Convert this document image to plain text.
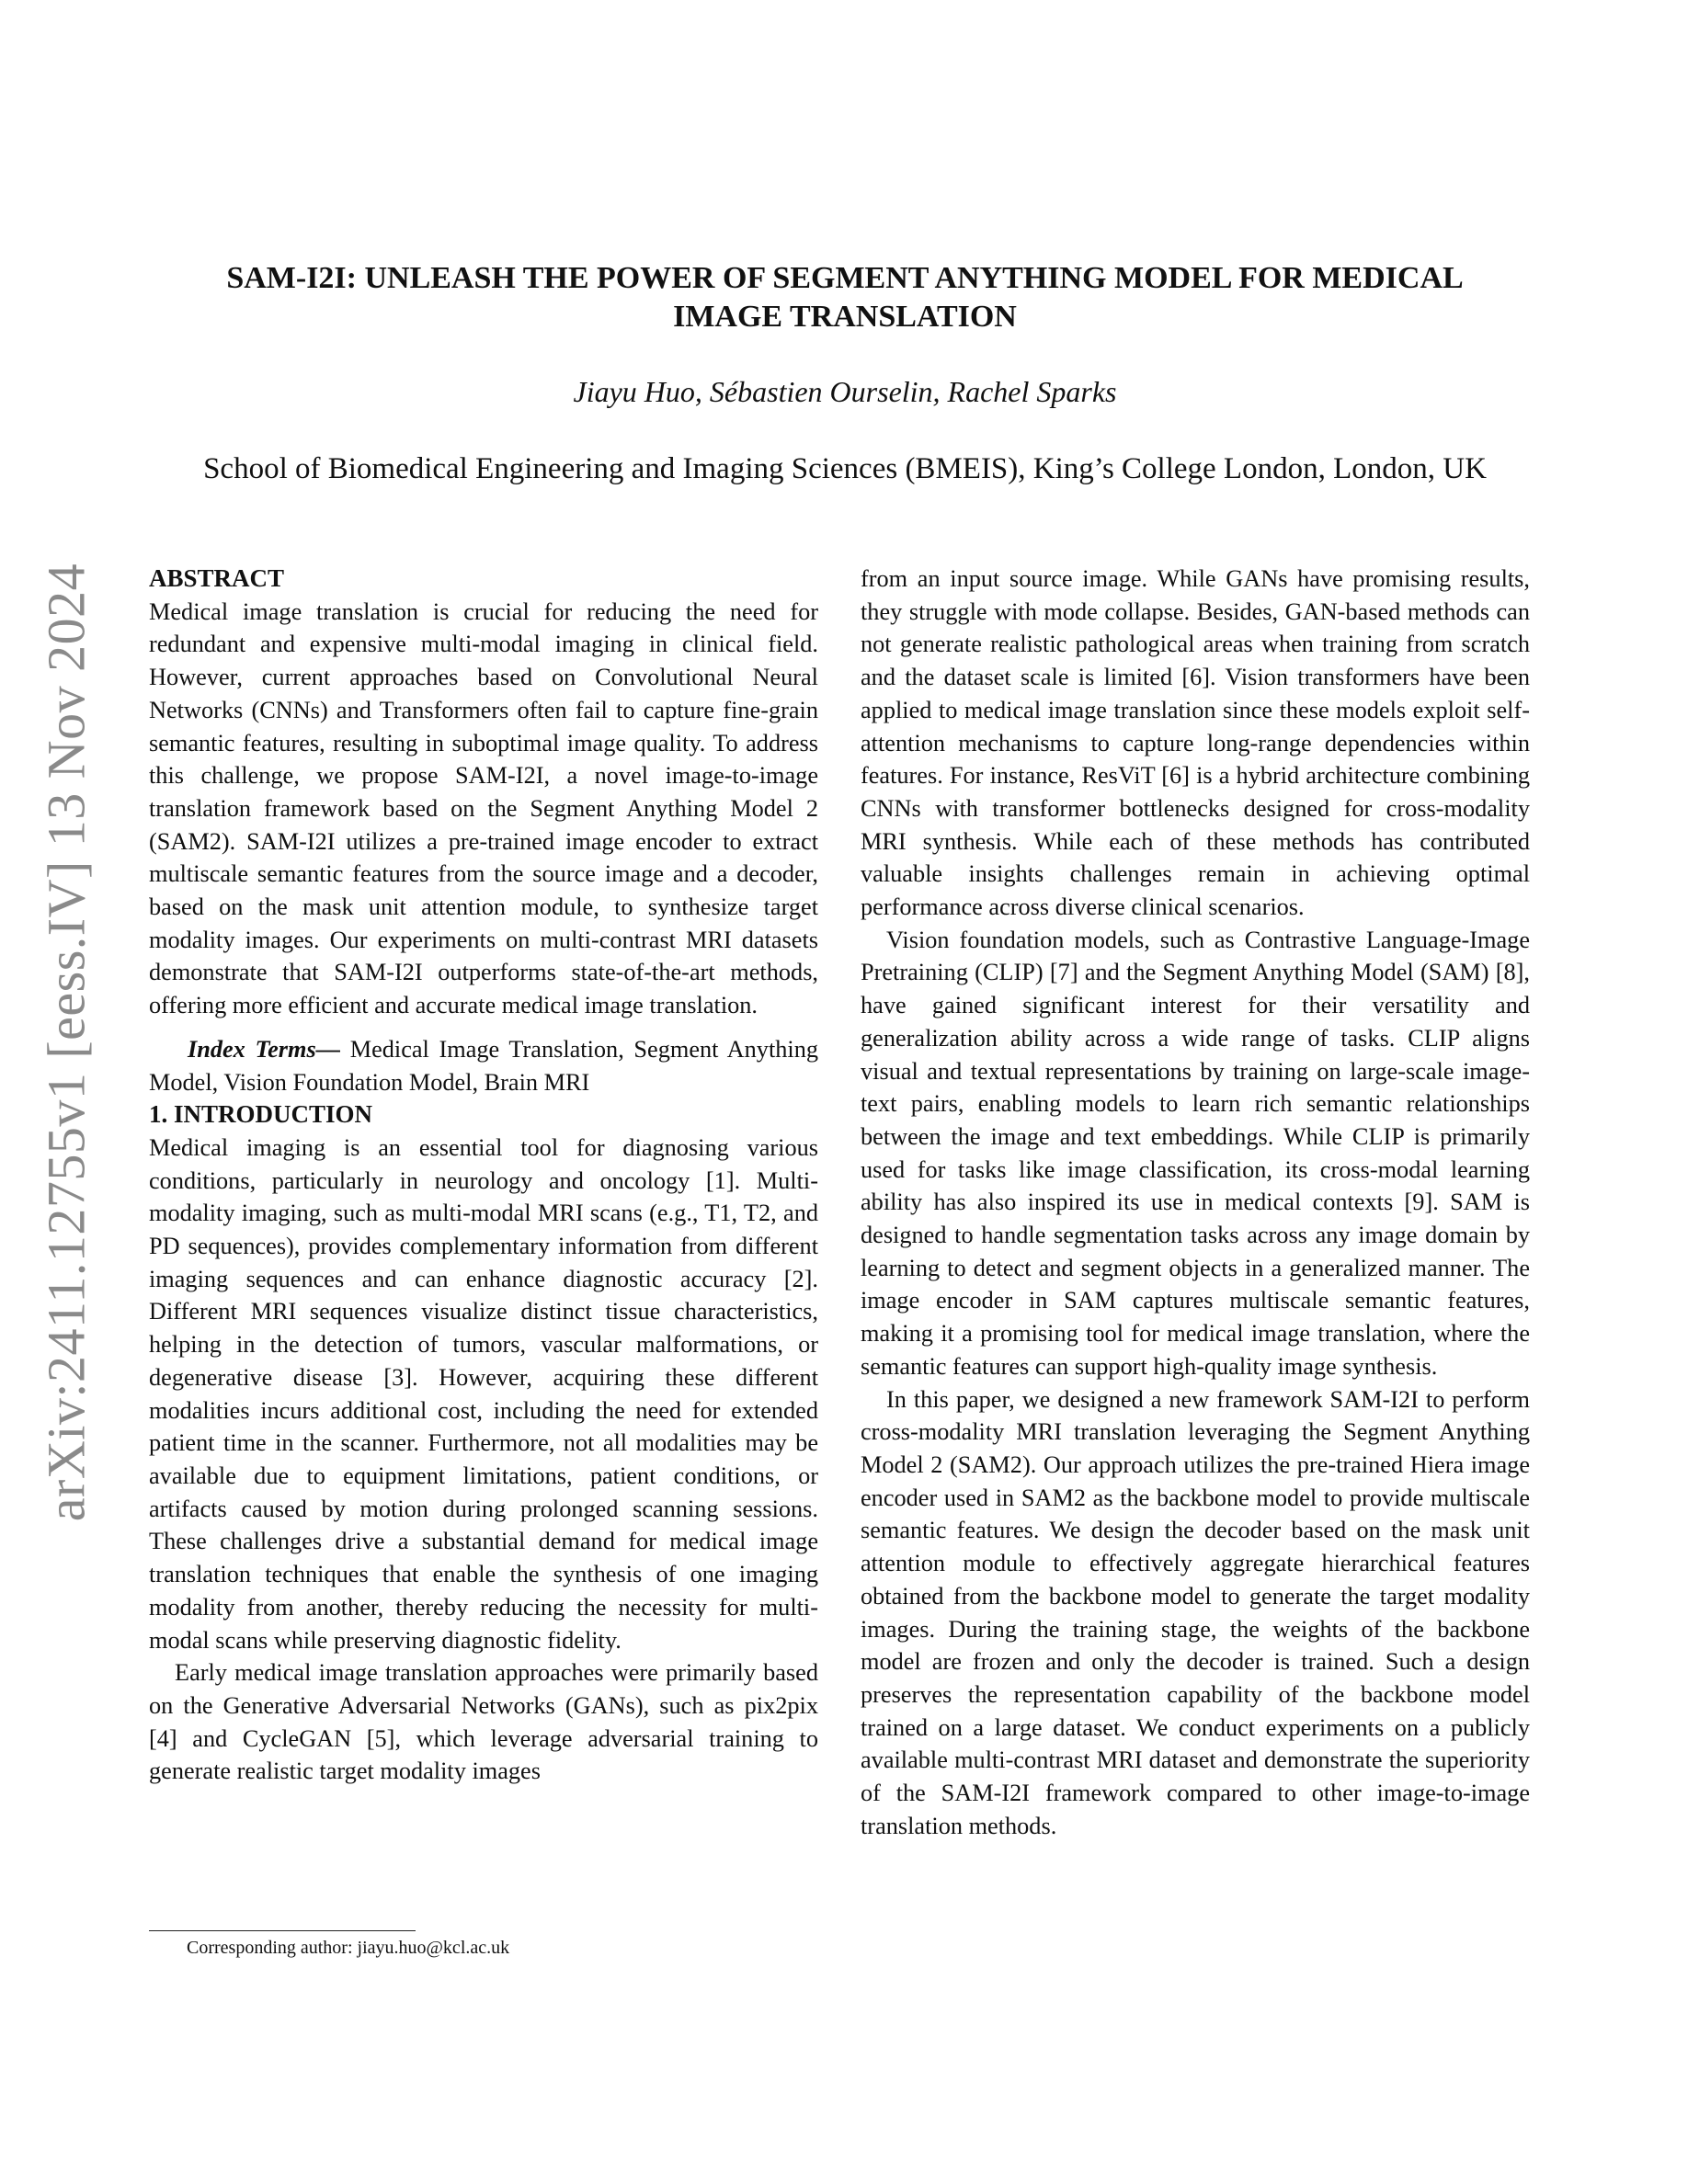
arXiv:2411.12755v1 [eess.IV] 13 Nov 2024
SAM-I2I: UNLEASH THE POWER OF SEGMENT ANYTHING MODEL FOR MEDICAL
IMAGE TRANSLATION
Jiayu Huo, Sébastien Ourselin, Rachel Sparks
School of Biomedical Engineering and Imaging Sciences (BMEIS), King’s College London, London, UK

ABSTRACT

Medical image translation is crucial for reducing the need for redundant and expensive multi-modal imaging in clinical field. However, current approaches based on Convolutional Neural Networks (CNNs) and Transformers often fail to capture fine-grain semantic features, resulting in suboptimal image quality. To address this challenge, we propose SAM-I2I, a novel image-to-image translation framework based on the Segment Anything Model 2 (SAM2). SAM-I2I utilizes a pre-trained image encoder to extract multiscale semantic features from the source image and a decoder, based on the mask unit attention module, to synthesize target modality images. Our experiments on multi-contrast MRI datasets demonstrate that SAM-I2I outperforms state-of-the-art methods, offering more efficient and accurate medical image translation.

Index Terms— Medical Image Translation, Segment Anything Model, Vision Foundation Model, Brain MRI

1. INTRODUCTION

Medical imaging is an essential tool for diagnosing various conditions, particularly in neurology and oncology [1]. Multi-modality imaging, such as multi-modal MRI scans (e.g., T1, T2, and PD sequences), provides complementary information from different imaging sequences and can enhance diagnostic accuracy [2]. Different MRI sequences visualize distinct tissue characteristics, helping in the detection of tumors, vascular malformations, or degenerative disease [3]. However, acquiring these different modalities incurs additional cost, including the need for extended patient time in the scanner. Furthermore, not all modalities may be available due to equipment limitations, patient conditions, or artifacts caused by motion during prolonged scanning sessions. These challenges drive a substantial demand for medical image translation techniques that enable the synthesis of one imaging modality from another, thereby reducing the necessity for multi-modal scans while preserving diagnostic fidelity.

Early medical image translation approaches were primarily based on the Generative Adversarial Networks (GANs), such as pix2pix [4] and CycleGAN [5], which leverage adversarial training to generate realistic target modality images

from an input source image. While GANs have promising results, they struggle with mode collapse. Besides, GAN-based methods can not generate realistic pathological areas when training from scratch and the dataset scale is limited [6]. Vision transformers have been applied to medical image translation since these models exploit self-attention mechanisms to capture long-range dependencies within features. For instance, ResViT [6] is a hybrid architecture combining CNNs with transformer bottlenecks designed for cross-modality MRI synthesis. While each of these methods has contributed valuable insights challenges remain in achieving optimal performance across diverse clinical scenarios.

Vision foundation models, such as Contrastive Language-Image Pretraining (CLIP) [7] and the Segment Anything Model (SAM) [8], have gained significant interest for their versatility and generalization ability across a wide range of tasks. CLIP aligns visual and textual representations by training on large-scale image-text pairs, enabling models to learn rich semantic relationships between the image and text embeddings. While CLIP is primarily used for tasks like image classification, its cross-modal learning ability has also inspired its use in medical contexts [9]. SAM is designed to handle segmentation tasks across any image domain by learning to detect and segment objects in a generalized manner. The image encoder in SAM captures multiscale semantic features, making it a promising tool for medical image translation, where the semantic features can support high-quality image synthesis.

In this paper, we designed a new framework SAM-I2I to perform cross-modality MRI translation leveraging the Segment Anything Model 2 (SAM2). Our approach utilizes the pre-trained Hiera image encoder used in SAM2 as the backbone model to provide multiscale semantic features. We design the decoder based on the mask unit attention module to effectively aggregate hierarchical features obtained from the backbone model to generate the target modality images. During the training stage, the weights of the backbone model are frozen and only the decoder is trained. Such a design preserves the representation capability of the backbone model trained on a large dataset. We conduct experiments on a publicly available multi-contrast MRI dataset and demonstrate the superiority of the SAM-I2I framework compared to other image-to-image translation methods.

Corresponding author: jiayu.huo@kcl.ac.uk
